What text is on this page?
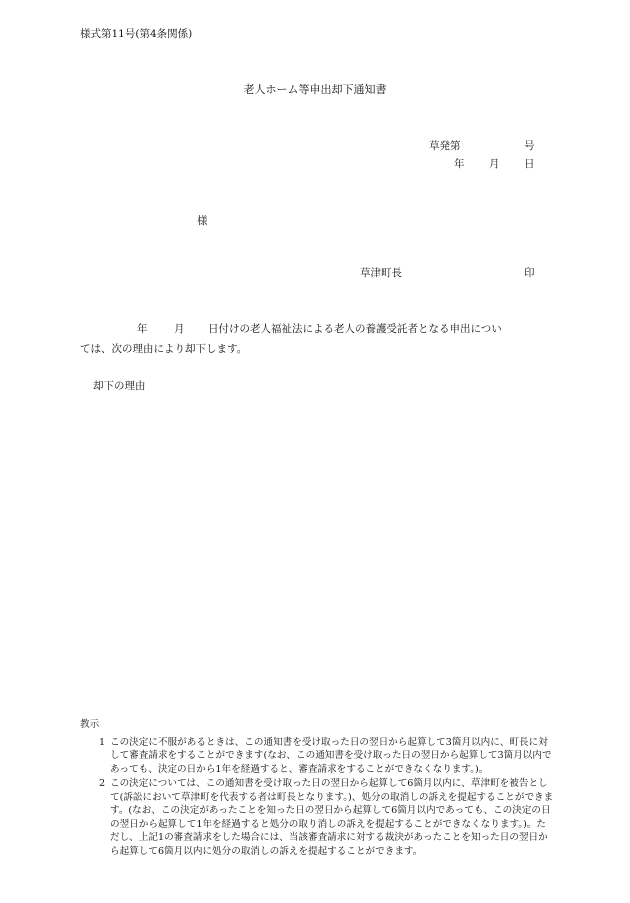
様式第11号(第4条関係)
老人ホーム等申出却下通知書
草発第	号
年 月 日
様
草津町長	印
年	月 日付けの老人福祉法による老人の養護受託者となる申出につい
ては、次の理由により却下します。
却下の理由
教示
1 この決定に不服があるときは、この通知書を受け取った日の翌日から起算して3箇月以内に、町長に対して審査請求をすることができます(なお、この通知書を受け取った日の翌日から起算して3箇月以内であっても、決定の日から1年を経過すると、審査請求をすることができなくなります。)。
2 この決定については、この通知書を受け取った日の翌日から起算して6箇月以内に、草津町を被告として(訴訟において草津町を代表する者は町長となります。)、処分の取消しの訴えを提起することができます。(なお、この決定があったことを知った日の翌日から起算して6箇月以内であっても、この決定の日の翌日から起算して1年を経過すると処分の取り消しの訴えを提起することができなくなります。)。ただし、上記1の審査請求をした場合には、当該審査請求に対する裁決があったことを知った日の翌日から起算して6箇月以内に処分の取消しの訴えを提起することができます。
